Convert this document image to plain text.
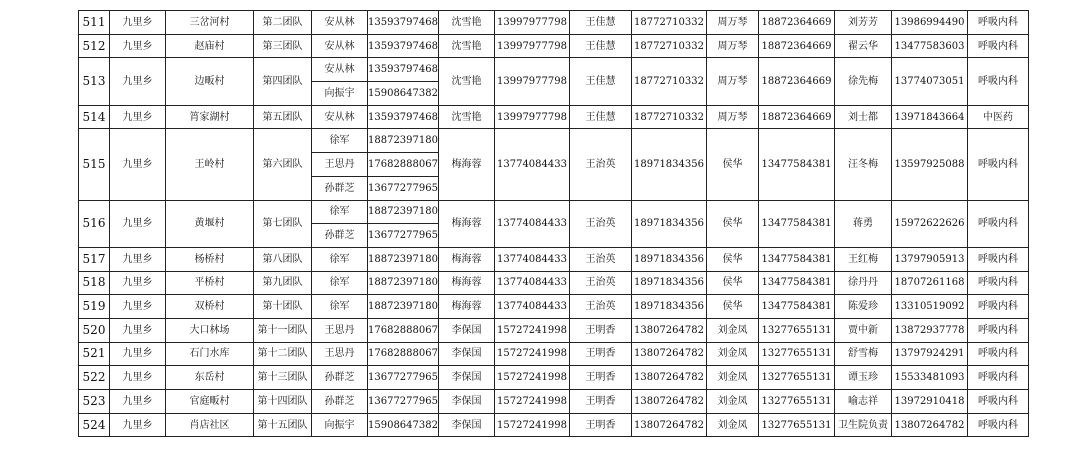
511	九里乡	三岔河村	第二团队	安从林	13593797468	沈雪艳	13997977798	王佳慧	18772710332	周万琴	18872364669	刘芳芳	13986994490	呼吸内科
512	九里乡	赵庙村	第三团队	安从林	13593797468	沈雪艳	13997977798	王佳慧	18772710332	周万琴	18872364669	翟云华	13477583603	呼吸内科
513	九里乡	边畈村	第四团队	安从林	13593797468	沈雪艳	13997977798	王佳慧	18772710332	周万琴	18872364669	徐先梅	13774073051	呼吸内科
				向振宇	15908647382									
514	九里乡	筲家湖村	第五团队	安从林	13593797468	沈雪艳	13997977798	王佳慧	18772710332	周万琴	18872364669	刘士都	13971843664	中医药
515	九里乡	王岭村	第六团队	徐军	18872397180	梅海蓉	13774084433	王治英	18971834356	侯华	13477584381	汪冬梅	13597925088	呼吸内科
				王思丹	17682888067									
				孙群芝	13677277965									
516	九里乡	黄堰村	第七团队	徐军	18872397180	梅海蓉	13774084433	王治英	18971834356	侯华	13477584381	蒋勇	15972622626	呼吸内科
				孙群芝	13677277965									
517	九里乡	杨桥村	第八团队	徐军	18872397180	梅海蓉	13774084433	王治英	18971834356	侯华	13477584381	王红梅	13797905913	呼吸内科
518	九里乡	平桥村	第九团队	徐军	18872397180	梅海蓉	13774084433	王治英	18971834356	侯华	13477584381	徐丹丹	18707261168	呼吸内科
519	九里乡	双桥村	第十团队	徐军	18872397180	梅海蓉	13774084433	王治英	18971834356	侯华	13477584381	陈爱珍	13310519092	呼吸内科
520	九里乡	大口林场	第十一团队	王思丹	17682888067	李保国	15727241998	王明香	13807264782	刘金凤	13277655131	贾中新	13872937778	呼吸内科
521	九里乡	石门水库	第十二团队	王思丹	17682888067	李保国	15727241998	王明香	13807264782	刘金凤	13277655131	舒雪梅	13797924291	呼吸内科
522	九里乡	东岳村	第十三团队	孙群芝	13677277965	李保国	15727241998	王明香	13807264782	刘金凤	13277655131	谭玉珍	15533481093	呼吸内科
523	九里乡	官庭畈村	第十四团队	孙群芝	13677277965	李保国	15727241998	王明香	13807264782	刘金凤	13277655131	喻志祥	13972910418	呼吸内科
524	九里乡	肖店社区	第十五团队	向振宇	15908647382	李保国	15727241998	王明香	13807264782	刘金凤	13277655131	卫生院负责	13807264782	呼吸内科
